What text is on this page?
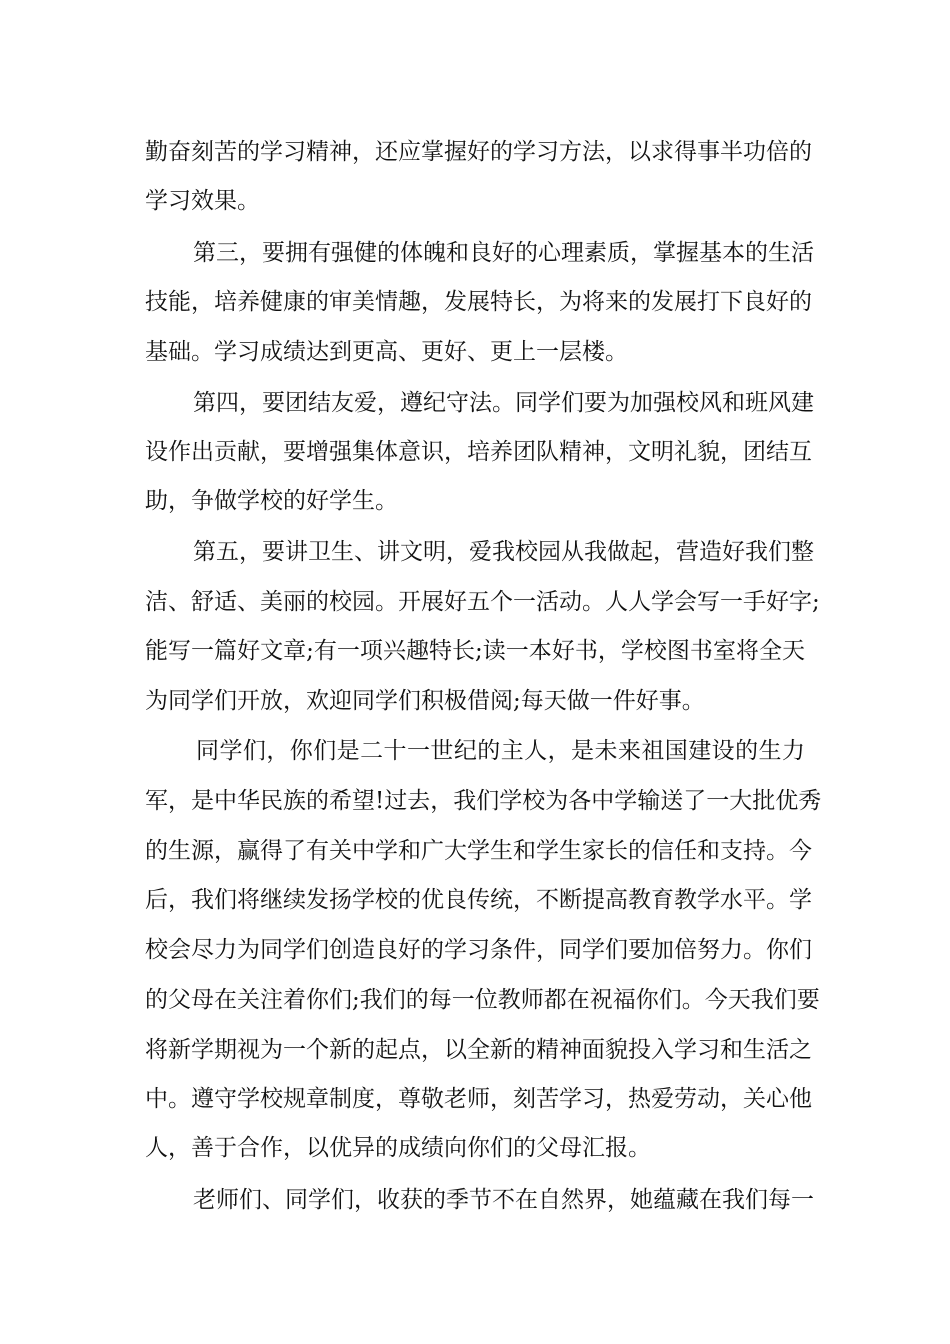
勤奋刻苦的学习精神，还应掌握好的学习方法，以求得事半功倍的
学习效果。
第三，要拥有强健的体魄和良好的心理素质，掌握基本的生活
技能，培养健康的审美情趣，发展特长，为将来的发展打下良好的
基础。学习成绩达到更高、更好、更上一层楼。
第四，要团结友爱，遵纪守法。同学们要为加强校风和班风建
设作出贡献，要增强集体意识，培养团队精神，文明礼貌，团结互
助，争做学校的好学生。
第五，要讲卫生、讲文明，爱我校园从我做起，营造好我们整
洁、舒适、美丽的校园。开展好五个一活动。人人学会写一手好字;
能写一篇好文章;有一项兴趣特长;读一本好书，学校图书室将全天
为同学们开放，欢迎同学们积极借阅;每天做一件好事。
同学们，你们是二十一世纪的主人，是未来祖国建设的生力
军，是中华民族的希望!过去，我们学校为各中学输送了一大批优秀
的生源，赢得了有关中学和广大学生和学生家长的信任和支持。今
后，我们将继续发扬学校的优良传统，不断提高教育教学水平。学
校会尽力为同学们创造良好的学习条件，同学们要加倍努力。你们
的父母在关注着你们;我们的每一位教师都在祝福你们。今天我们要
将新学期视为一个新的起点，以全新的精神面貌投入学习和生活之
中。遵守学校规章制度，尊敬老师，刻苦学习，热爱劳动，关心他
人，善于合作，以优异的成绩向你们的父母汇报。
老师们、同学们，收获的季节不在自然界，她蕴藏在我们每一
